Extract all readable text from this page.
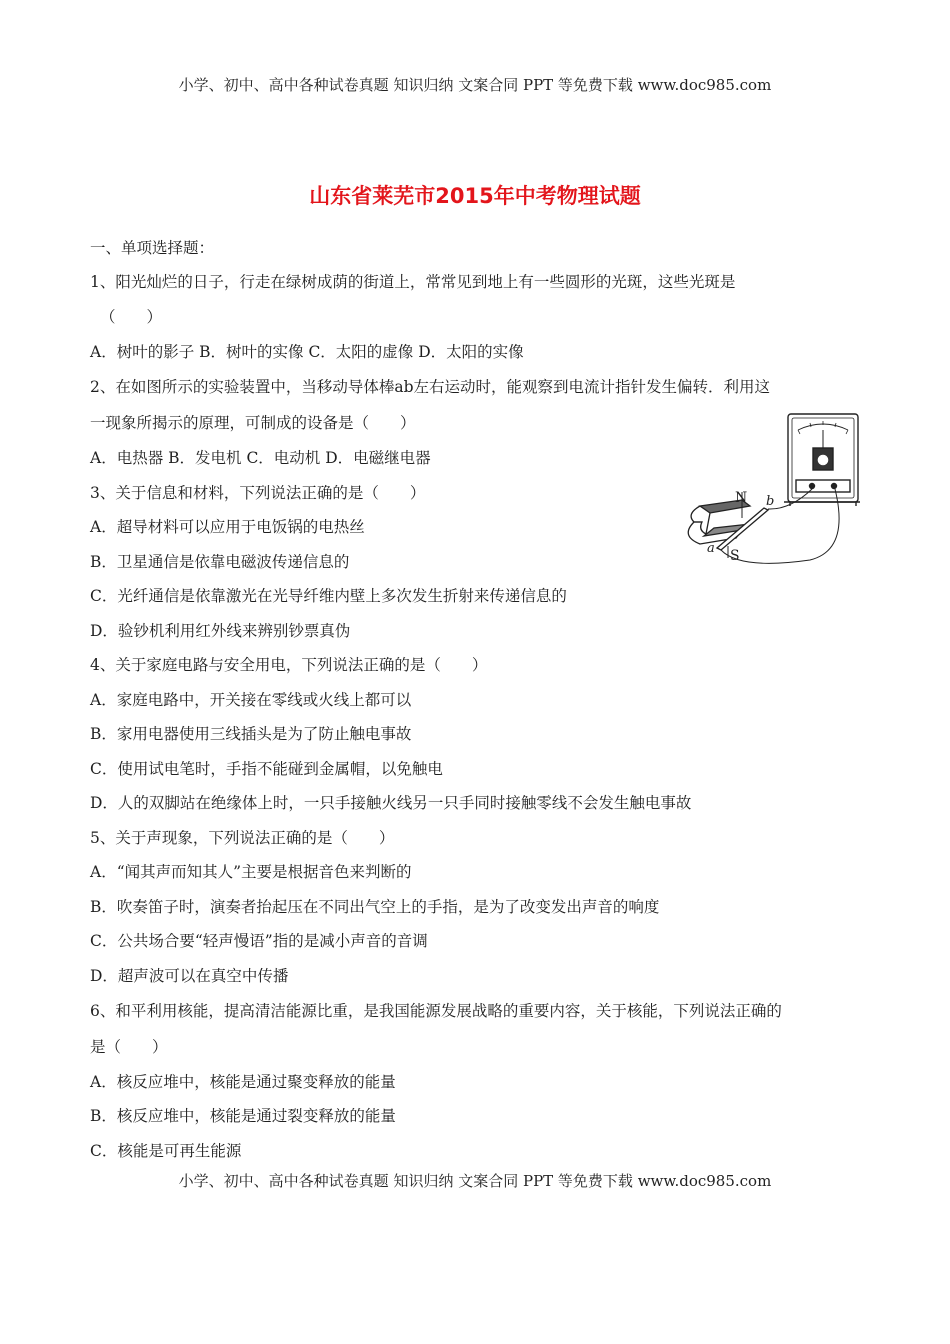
小学、初中、高中各种试卷真题 知识归纳 文案合同 PPT 等免费下载 www.doc985.com
山东省莱芜市2015年中考物理试题
一、单项选择题：
1、阳光灿烂的日子，行走在绿树成荫的街道上，常常见到地上有一些圆形的光斑，这些光斑是
（　　）
A．树叶的影子 B．树叶的实像 C．太阳的虚像 D．太阳的实像
2、在如图所示的实验装置中，当移动导体棒ab左右运动时，能观察到电流计指针发生偏转．利用这
一现象所揭示的原理，可制成的设备是（　　）
A．电热器 B．发电机 C．电动机 D．电磁继电器
3、关于信息和材料，下列说法正确的是（　　）
A．超导材料可以应用于电饭锅的电热丝
B．卫星通信是依靠电磁波传递信息的
C．光纤通信是依靠激光在光导纤维内壁上多次发生折射来传递信息的
D．验钞机利用红外线来辨别钞票真伪
4、关于家庭电路与安全用电，下列说法正确的是（　　）
A．家庭电路中，开关接在零线或火线上都可以
B．家用电器使用三线插头是为了防止触电事故
C．使用试电笔时，手指不能碰到金属帽，以免触电
D．人的双脚站在绝缘体上时，一只手接触火线另一只手同时接触零线不会发生触电事故
5、关于声现象，下列说法正确的是（　　）
A．“闻其声而知其人”主要是根据音色来判断的
B．吹奏笛子时，演奏者抬起压在不同出气空上的手指，是为了改变发出声音的响度
C．公共场合要“轻声慢语”指的是减小声音的音调
D．超声波可以在真空中传播
6、和平利用核能，提高清洁能源比重，是我国能源发展战略的重要内容，关于核能，下列说法正确的
是（　　）
A．核反应堆中，核能是通过聚变释放的能量
B．核反应堆中，核能是通过裂变释放的能量
C．核能是可再生能源
N
S
a
b
小学、初中、高中各种试卷真题 知识归纳 文案合同 PPT 等免费下载 www.doc985.com
